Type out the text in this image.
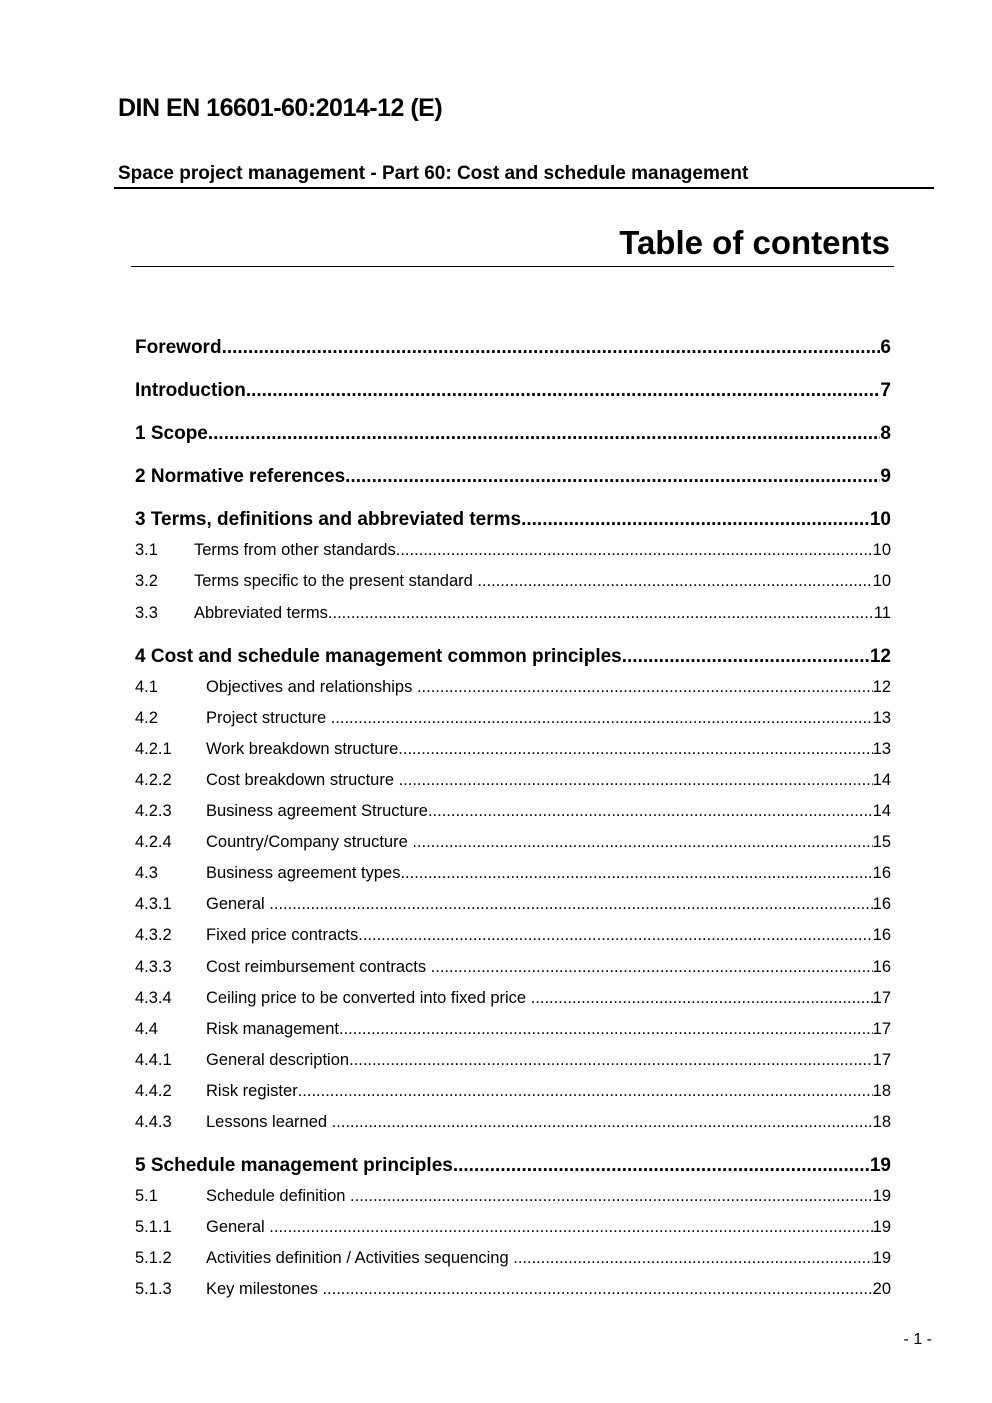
DIN EN 16601-60:2014-12 (E)
Space project management - Part 60: Cost and schedule management
Table of contents
Foreword .....	6
Introduction .....	7
1 Scope .....	8
2 Normative references .....	9
3 Terms, definitions and abbreviated terms .....	10
3.1	Terms from other standards .....	10
3.2	Terms specific to the present standard .....	10
3.3	Abbreviated terms .....	11
4 Cost and schedule management common principles .....	12
4.1	Objectives and relationships .....	12
4.2	Project structure .....	13
4.2.1	Work breakdown structure .....	13
4.2.2	Cost breakdown structure .....	14
4.2.3	Business agreement Structure .....	14
4.2.4	Country/Company structure .....	15
4.3	Business agreement types .....	16
4.3.1	General .....	16
4.3.2	Fixed price contracts .....	16
4.3.3	Cost reimbursement contracts .....	16
4.3.4	Ceiling price to be converted into fixed price .....	17
4.4	Risk management .....	17
4.4.1	General description .....	17
4.4.2	Risk register .....	18
4.4.3	Lessons learned .....	18
5 Schedule management principles .....	19
5.1	Schedule definition .....	19
5.1.1	General .....	19
5.1.2	Activities definition / Activities sequencing .....	19
5.1.3	Key milestones .....	20
- 1 -
